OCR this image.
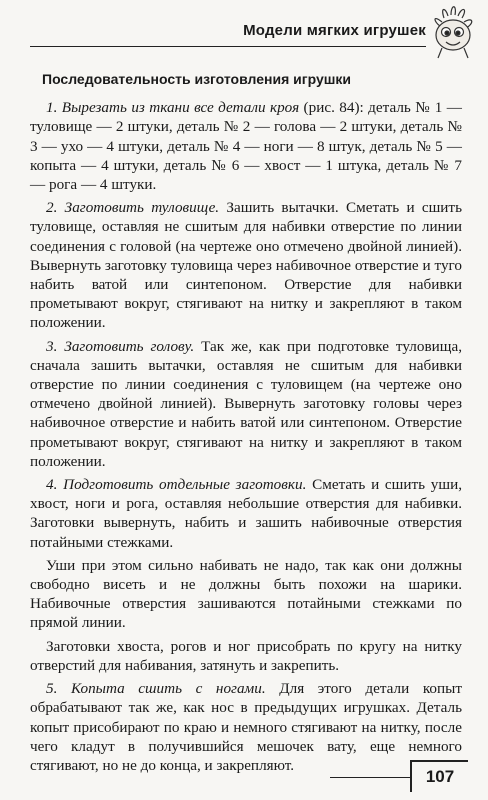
Модели мягких игрушек
Последовательность изготовления игрушки

1. Вырезать из ткани все детали кроя (рис. 84): деталь № 1 — туловище — 2 штуки, деталь № 2 — голова — 2 штуки, деталь № 3 — ухо — 4 штуки, деталь № 4 — ноги — 8 штук, деталь № 5 — копыта — 4 штуки, деталь № 6 — хвост — 1 штука, деталь № 7 — рога — 4 штуки.

2. Заготовить туловище. Зашить вытачки. Сметать и сшить туловище, оставляя не сшитым для набивки отверстие по линии соединения с головой (на чертеже оно отмечено двойной линией). Вывернуть заготовку туловища через набивочное отверстие и туго набить ватой или синтепоном. Отверстие для набивки прометывают вокруг, стягивают на нитку и закрепляют в таком положении.

3. Заготовить голову. Так же, как при подготовке туловища, сначала зашить вытачки, оставляя не сшитым для набивки отверстие по линии соединения с туловищем (на чертеже оно отмечено двойной линией). Вывернуть заготовку головы через набивочное отверстие и набить ватой или синтепоном. Отверстие прометывают вокруг, стягивают на нитку и закрепляют в таком положении.

4. Подготовить отдельные заготовки. Сметать и сшить уши, хвост, ноги и рога, оставляя небольшие отверстия для набивки. Заготовки вывернуть, набить и зашить набивочные отверстия потайными стежками.

Уши при этом сильно набивать не надо, так как они должны свободно висеть и не должны быть похожи на шарики. Набивочные отверстия зашиваются потайными стежками по прямой линии.

Заготовки хвоста, рогов и ног присобрать по кругу на нитку отверстий для набивания, затянуть и закрепить.

5. Копыта сшить с ногами. Для этого детали копыт обрабатывают так же, как нос в предыдущих игрушках. Деталь копыт присобирают по краю и немного стягивают на нитку, после чего кладут в получившийся мешочек вату, еще немного стягивают, но не до конца, и закрепляют.

107
